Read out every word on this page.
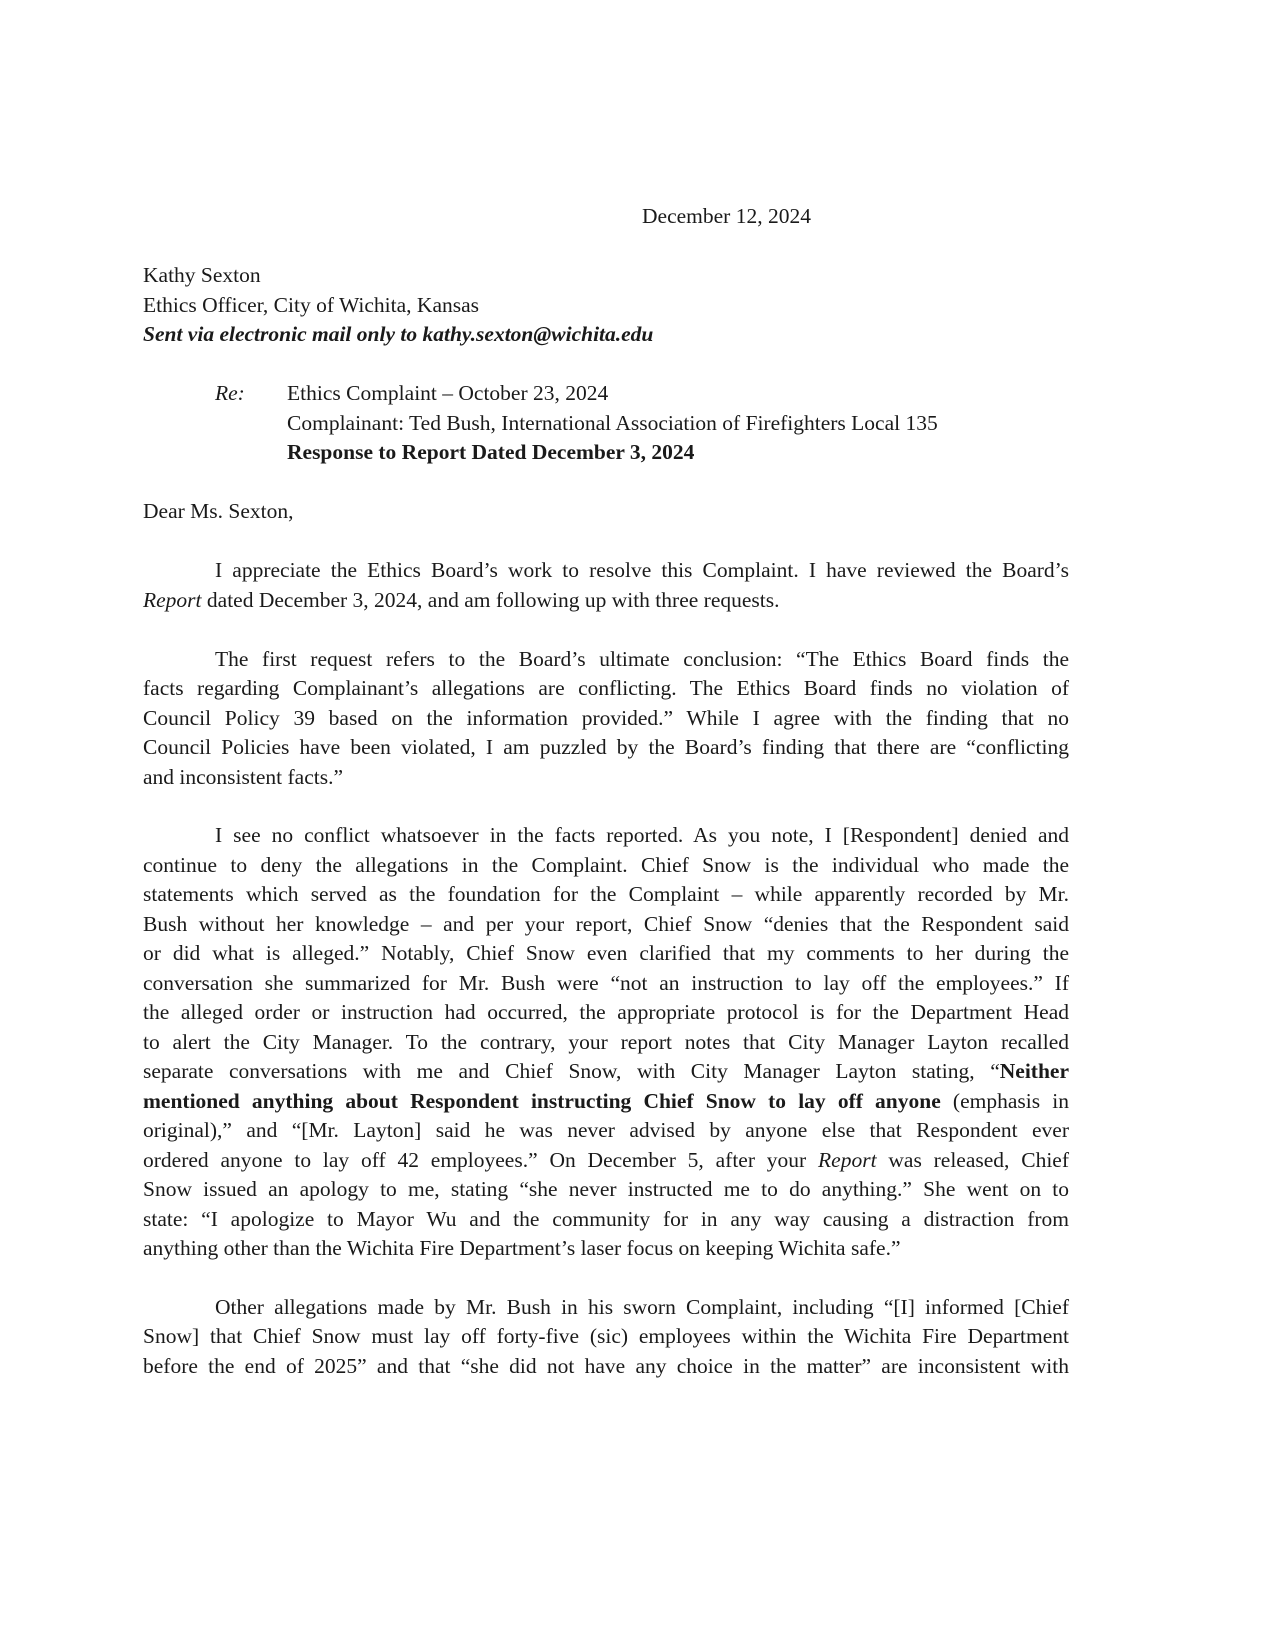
December 12, 2024
Kathy Sexton
Ethics Officer, City of Wichita, Kansas
Sent via electronic mail only to kathy.sexton@wichita.edu
Re:	Ethics Complaint – October 23, 2024
Complainant: Ted Bush, International Association of Firefighters Local 135
Response to Report Dated December 3, 2024
Dear Ms. Sexton,
I appreciate the Ethics Board’s work to resolve this Complaint. I have reviewed the Board’s
Report dated December 3, 2024, and am following up with three requests.
The first request refers to the Board’s ultimate conclusion: “The Ethics Board finds the
facts regarding Complainant’s allegations are conflicting. The Ethics Board finds no violation of
Council Policy 39 based on the information provided.” While I agree with the finding that no
Council Policies have been violated, I am puzzled by the Board’s finding that there are “conflicting
and inconsistent facts.”
I see no conflict whatsoever in the facts reported. As you note, I [Respondent] denied and
continue to deny the allegations in the Complaint. Chief Snow is the individual who made the
statements which served as the foundation for the Complaint – while apparently recorded by Mr.
Bush without her knowledge – and per your report, Chief Snow “denies that the Respondent said
or did what is alleged.” Notably, Chief Snow even clarified that my comments to her during the
conversation she summarized for Mr. Bush were “not an instruction to lay off the employees.” If
the alleged order or instruction had occurred, the appropriate protocol is for the Department Head
to alert the City Manager. To the contrary, your report notes that City Manager Layton recalled
separate conversations with me and Chief Snow, with City Manager Layton stating, “Neither
mentioned anything about Respondent instructing Chief Snow to lay off anyone (emphasis in
original),” and “[Mr. Layton] said he was never advised by anyone else that Respondent ever
ordered anyone to lay off 42 employees.” On December 5, after your Report was released, Chief
Snow issued an apology to me, stating “she never instructed me to do anything.” She went on to
state: “I apologize to Mayor Wu and the community for in any way causing a distraction from
anything other than the Wichita Fire Department’s laser focus on keeping Wichita safe.”
Other allegations made by Mr. Bush in his sworn Complaint, including “[I] informed [Chief
Snow] that Chief Snow must lay off forty-five (sic) employees within the Wichita Fire Department
before the end of 2025” and that “she did not have any choice in the matter” are inconsistent with
